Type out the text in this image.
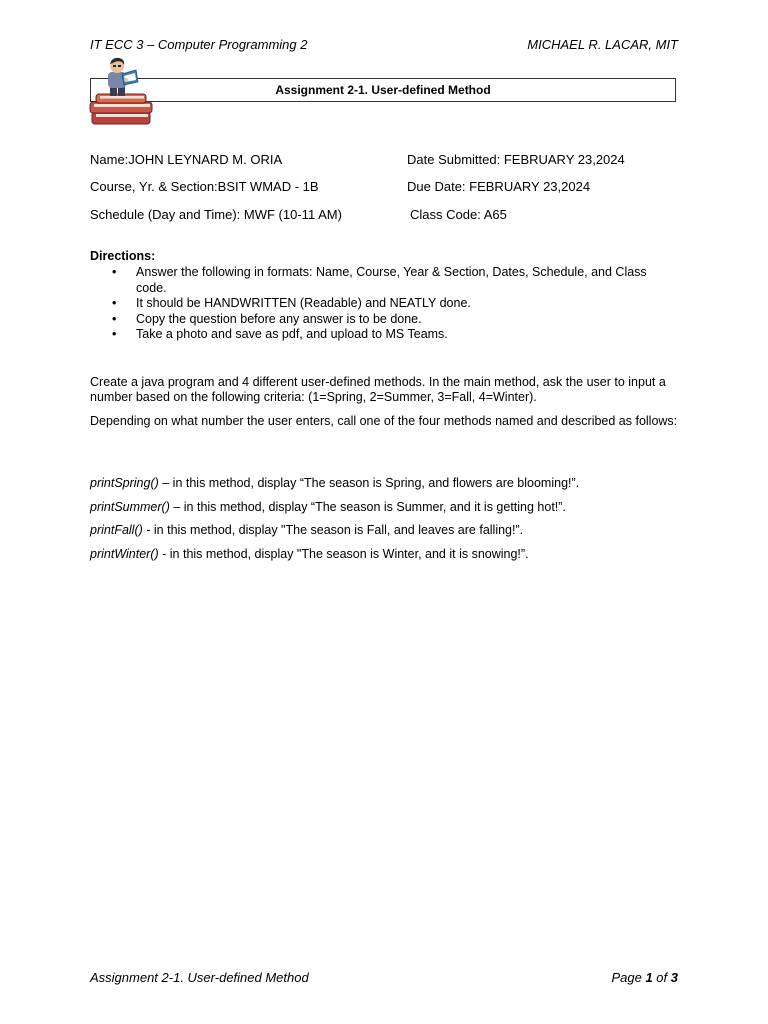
IT ECC 3 – Computer Programming 2	MICHAEL R. LACAR, MIT
Assignment 2-1. User-defined Method
Name:JOHN LEYNARD M. ORIA	Date Submitted: FEBRUARY 23,2024
Course, Yr. & Section:BSIT WMAD - 1B	Due Date: FEBRUARY 23,2024
Schedule (Day and Time): MWF (10-11 AM)	Class Code: A65
Directions:
• Answer the following in formats: Name, Course, Year & Section, Dates, Schedule, and Class code.
• It should be HANDWRITTEN (Readable) and NEATLY done.
• Copy the question before any answer is to be done.
• Take a photo and save as pdf, and upload to MS Teams.
Create a java program and 4 different user-defined methods. In the main method, ask the user to input a number based on the following criteria: (1=Spring, 2=Summer, 3=Fall, 4=Winter).
Depending on what number the user enters, call one of the four methods named and described as follows:
printSpring() – in this method, display “The season is Spring, and flowers are blooming!”.
printSummer() – in this method, display “The season is Summer, and it is getting hot!”.
printFall() - in this method, display "The season is Fall, and leaves are falling!”.
printWinter() - in this method, display "The season is Winter, and it is snowing!”.
Assignment 2-1. User-defined Method	Page 1 of 3
